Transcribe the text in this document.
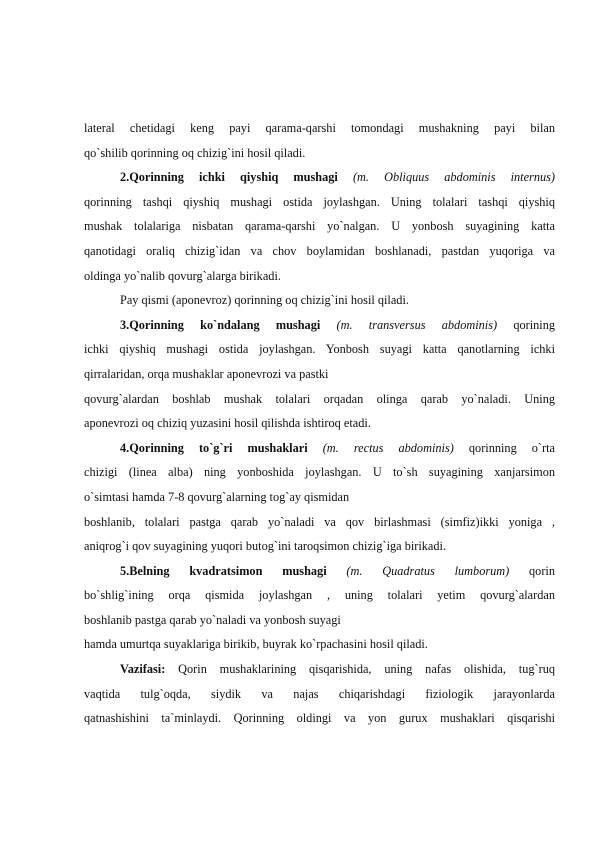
lateral chetidagi keng payi qarama-qarshi tomondagi mushakning payi bilan
qo`shilib qorinning oq chizig`ini hosil qiladi.
2.Qorinning ichki qiyshiq mushagi (m. Obliquus abdominis internus)
qorinning tashqi qiyshiq mushagi ostida joylashgan. Uning tolalari tashqi qiyshiq
mushak tolalariga nisbatan qarama-qarshi yo`nalgan. U yonbosh suyagining katta
qanotidagi oraliq chizig`idan va chov boylamidan boshlanadi, pastdan yuqoriga va
oldinga yo`nalib qovurg`alarga birikadi.
Pay qismi (aponevroz) qorinning oq chizig`ini hosil qiladi.
3.Qorinning ko`ndalang mushagi (m. transversus abdominis) qorining
ichki qiyshiq mushagi ostida joylashgan. Yonbosh suyagi katta qanotlarning ichki
qirralaridan, orqa mushaklar aponevrozi va pastki
qovurg`alardan boshlab mushak tolalari orqadan olinga qarab yo`naladi. Uning
aponevrozi oq chiziq yuzasini hosil qilishda ishtiroq etadi.
4.Qorinning to`g`ri mushaklari (m. rectus abdominis) qorinning o`rta
chizigi (linea alba) ning yonboshida joylashgan. U to`sh suyagining xanjarsimon
o`simtasi hamda 7-8 qovurg`alarning tog`ay qismidan
boshlanib, tolalari pastga qarab yo`naladi va qov birlashmasi (simfiz)ikki yoniga ,
aniqrog`i qov suyagining yuqori butog`ini taroqsimon chizig`iga birikadi.
5.Belning kvadratsimon mushagi (m. Quadratus lumborum) qorin
bo`shlig`ining orqa qismida joylashgan , uning tolalari yetim qovurg`alardan
boshlanib pastga qarab yo`naladi va yonbosh suyagi
hamda umurtqa suyaklariga birikib, buyrak ko`rpachasini hosil qiladi.
Vazifasi: Qorin mushaklarining qisqarishida, uning nafas olishida, tug`ruq
vaqtida tulg`oqda, siydik va najas chiqarishdagi fiziologik jarayonlarda
qatnashishini ta`minlaydi. Qorinning oldingi va yon gurux mushaklari qisqarishi
